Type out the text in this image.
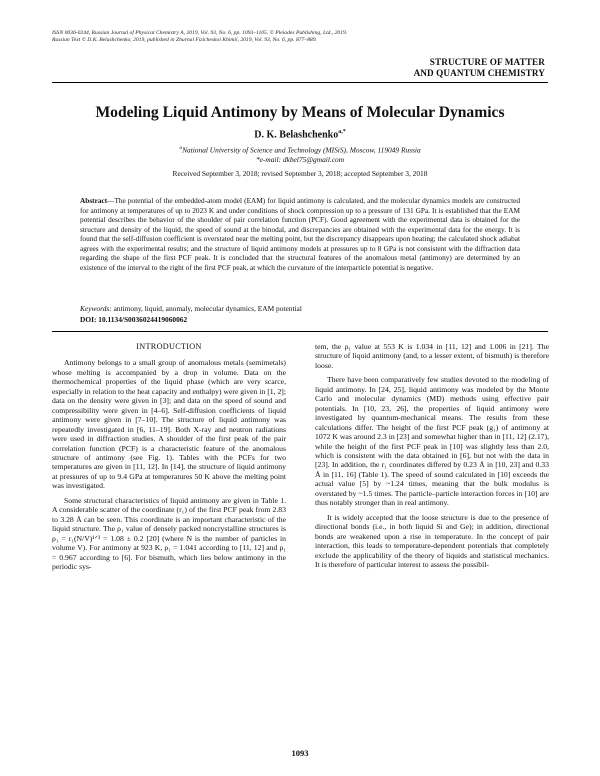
ISSN 0036-0244, Russian Journal of Physical Chemistry A, 2019, Vol. 93, No. 6, pp. 1093–1105. © Pleiades Publishing, Ltd., 2019.
Russian Text © D.K. Belashchenko, 2019, published in Zhurnal Fizicheskoi Khimii, 2019, Vol. 93, No. 6, pp. 877–889.
STRUCTURE OF MATTER
AND QUANTUM CHEMISTRY
Modeling Liquid Antimony by Means of Molecular Dynamics
D. K. Belashchenko$^{a,*}$
$^a$National University of Science and Technology (MISiS), Moscow, 119049 Russia
*e-mail: dkbel75@gmail.com
Received September 3, 2018; revised September 3, 2018; accepted September 3, 2018
Abstract—The potential of the embedded-atom model (EAM) for liquid antimony is calculated, and the molecular dynamics models are constructed for antimony at temperatures of up to 2023 K and under conditions of shock compression up to a pressure of 131 GPa. It is established that the EAM potential describes the behavior of the shoulder of pair correlation function (PCF). Good agreement with the experimental data is obtained for the structure and density of the liquid, the speed of sound at the binodal, and discrepancies are obtained with the experimental data for the energy. It is found that the self-diffusion coefficient is overstated near the melting point, but the discrepancy disappears upon heating; the calculated shock adiabat agrees with the experimental results; and the structure of liquid antimony models at pressures up to 8 GPa is not consistent with the diffraction data regarding the shape of the first PCF peak. It is concluded that the structural features of the anomalous metal (antimony) are determined by an existence of the interval to the right of the first PCF peak, at which the curvature of the interparticle potential is negative.
Keywords: antimony, liquid, anomaly, molecular dynamics, EAM potential
DOI: 10.1134/S0036024419060062
INTRODUCTION

Antimony belongs to a small group of anomalous metals (semimetals) whose melting is accompanied by a drop in volume. Data on the thermochemical properties of the liquid phase (which are very scarce, especially in relation to the heat capacity and enthalpy) were given in [1, 2]; data on the density were given in [3]; and data on the speed of sound and compressibility were given in [4–6]. Self-diffusion coefficients of liquid antimony were given in [7–10]. The structure of liquid antimony was repeatedly investigated in [6, 11–19]. Both X-ray and neutron radiations were used in diffraction studies. A shoulder of the first peak of the pair correlation function (PCF) is a characteristic feature of the anomalous structure of antimony (see Fig. 1). Tables with the PCFs for two temperatures are given in [11, 12]. In [14], the structure of liquid antimony at pressures of up to 9.4 GPa at temperatures 50 K above the melting point was investigated.

Some structural characteristics of liquid antimony are given in Table 1. A considerable scatter of the coordinate (r₁) of the first PCF peak from 2.83 to 3.28 Å can be seen. This coordinate is an important characteristic of the liquid structure. The ρ₁ value of densely packed noncrystalline structures is ρ₁ = r₁(N/V)¹ᐟ³ = 1.08 ± 0.2 [20] (where N is the number of particles in volume V). For antimony at 923 K, ρ₁ = 1.041 according to [11, 12] and ρ₁ = 0.967 according to [6]. For bismuth, which lies below antimony in the periodic sys-

tem, the ρ₁ value at 553 K is 1.034 in [11, 12] and 1.006 in [21]. The structure of liquid antimony (and, to a lesser extent, of bismuth) is therefore loose.

There have been comparatively few studies devoted to the modeling of liquid antimony. In [24, 25], liquid antimony was modeled by the Monte Carlo and molecular dynamics (MD) methods using effective pair potentials. In [10, 23, 26], the properties of liquid antimony were investigated by quantum-mechanical means. The results from these calculations differ. The height of the first PCF peak (g₁) of antimony at 1072 K was around 2.3 in [23] and somewhat higher than in [11, 12] (2.17), while the height of the first PCF peak in [10] was slightly less than 2.0, which is consistent with the data obtained in [6], but not with the data in [23]. In addition, the r₁ coordinates differed by 0.23 Å in [10, 23] and 0.33 Å in [11, 16] (Table 1). The speed of sound calculated in [10] exceeds the actual value [5] by ~1.24 times, meaning that the bulk modulus is overstated by ~1.5 times. The particle–particle interaction forces in [10] are thus notably stronger than in real antimony.

It is widely accepted that the loose structure is due to the presence of directional bonds (i.e., in both liquid Si and Ge); in addition, directional bonds are weakened upon a rise in temperature. In the concept of pair interaction, this leads to temperature-dependent potentials that completely exclude the applicability of the theory of liquids and statistical mechanics. It is therefore of particular interest to assess the possibil-

1093
